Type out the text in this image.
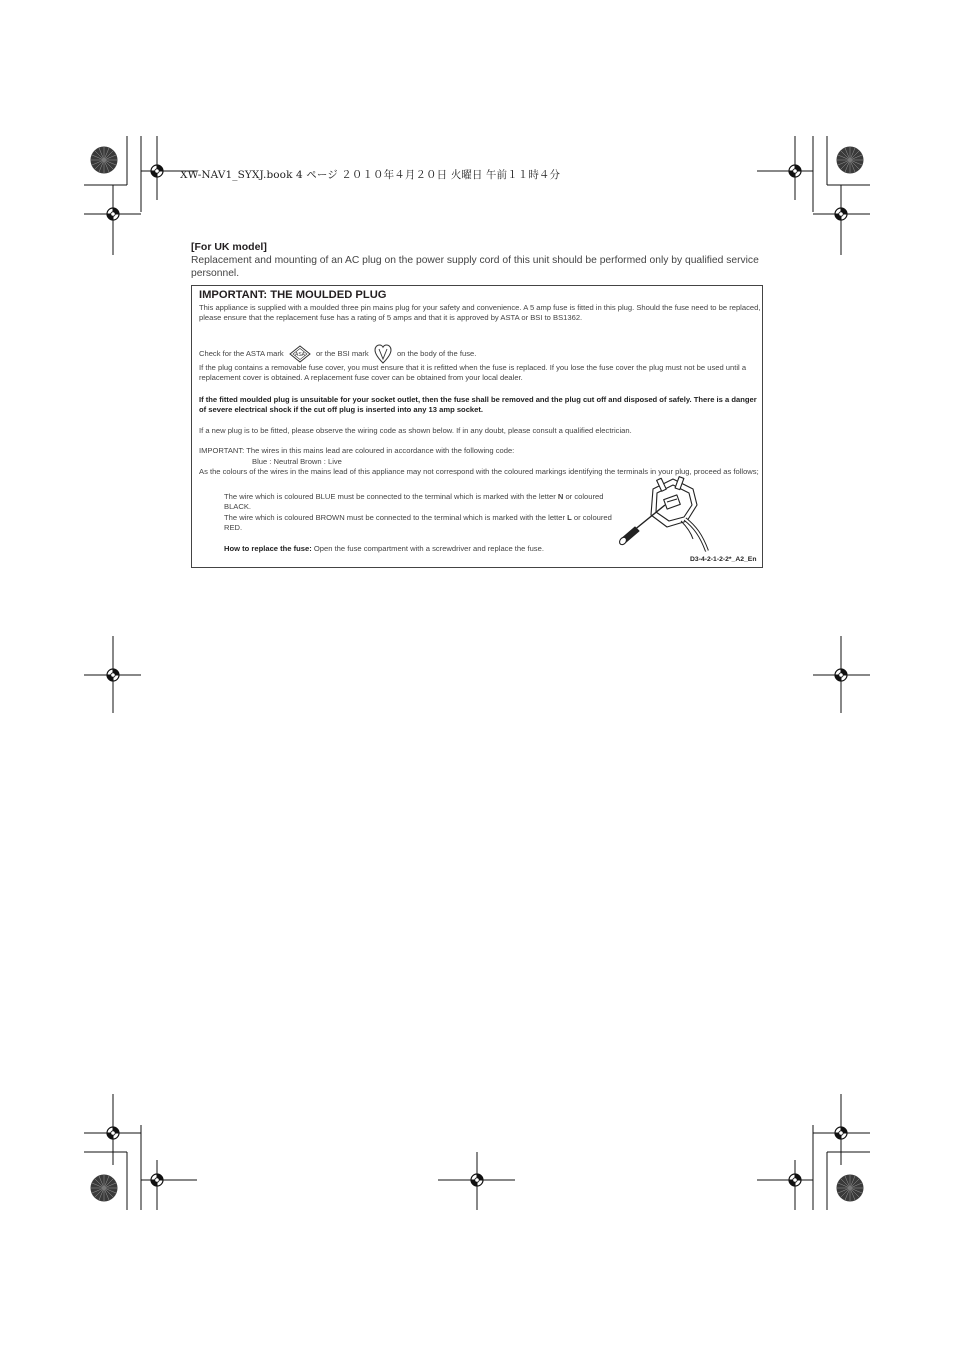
XW-NAV1_SYXJ.book 4 ページ ２０１０年４月２０日 火曜日 午前１１時４分
[For UK model]
Replacement and mounting of an AC plug on the power supply cord of this unit should be performed only by qualified service personnel.
IMPORTANT: THE MOULDED PLUG
This appliance is supplied with a moulded three pin mains plug for your safety and convenience. A 5 amp fuse is fitted in this plug. Should the fuse need to be replaced, please ensure that the replacement fuse has a rating of 5 amps and that it is approved by ASTA or BSI to BS1362.
Check for the ASTA mark ASA or the BSI mark	on the body of the fuse.
If the plug contains a removable fuse cover, you must ensure that it is refitted when the fuse is replaced. If you lose the fuse cover the plug must not be used until a replacement cover is obtained. A replacement fuse cover can be obtained from your local dealer.
If the fitted moulded plug is unsuitable for your socket outlet, then the fuse shall be removed and the plug cut off and disposed of safely. There is a danger of severe electrical shock if the cut off plug is inserted into any 13 amp socket.
If a new plug is to be fitted, please observe the wiring code as shown below. If in any doubt, please consult a qualified electrician.
IMPORTANT: The wires in this mains lead are coloured in accordance with the following code:
Blue : Neutral Brown : Live
As the colours of the wires in the mains lead of this appliance may not correspond with the coloured markings identifying the terminals in your plug, proceed as follows;
The wire which is coloured BLUE must be connected to the terminal which is marked with the letter N or coloured BLACK.
The wire which is coloured BROWN must be connected to the terminal which is marked with the letter L or coloured RED.
How to replace the fuse: Open the fuse compartment with a screwdriver and replace the fuse.
D3-4-2-1-2-2*_A2_En
